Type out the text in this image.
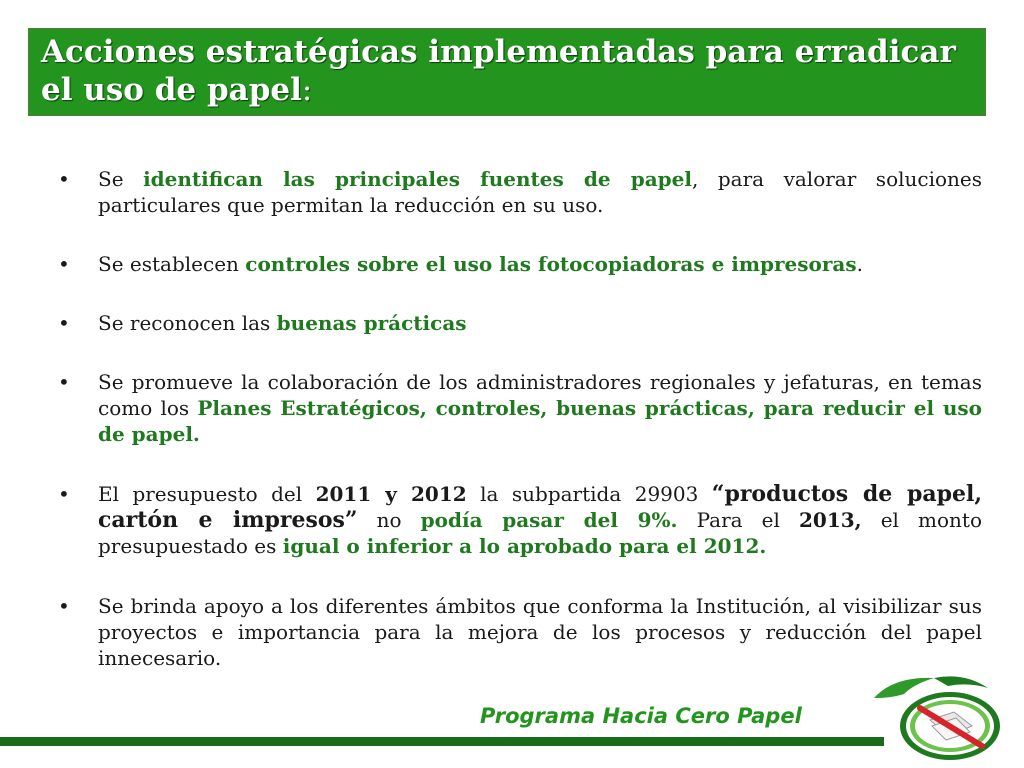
Acciones estratégicas implementadas para erradicar
el uso de papel:
•	Se identifican las principales fuentes de papel, para valorar soluciones particulares que permitan la reducción en su uso.
•	Se establecen controles sobre el uso las fotocopiadoras e impresoras.
•	Se reconocen las buenas prácticas
•	Se promueve la colaboración de los administradores regionales y jefaturas, en temas como los Planes Estratégicos, controles, buenas prácticas, para reducir el uso de papel.
•	El presupuesto del 2011 y 2012 la subpartida 29903 “productos de papel, cartón e impresos” no podía pasar del 9%. Para el 2013, el monto presupuestado es igual o inferior a lo aprobado para el 2012.
•	Se brinda apoyo a los diferentes ámbitos que conforma la Institución, al visibilizar sus proyectos e importancia para la mejora de los procesos y reducción del papel innecesario.
Programa Hacia Cero Papel
